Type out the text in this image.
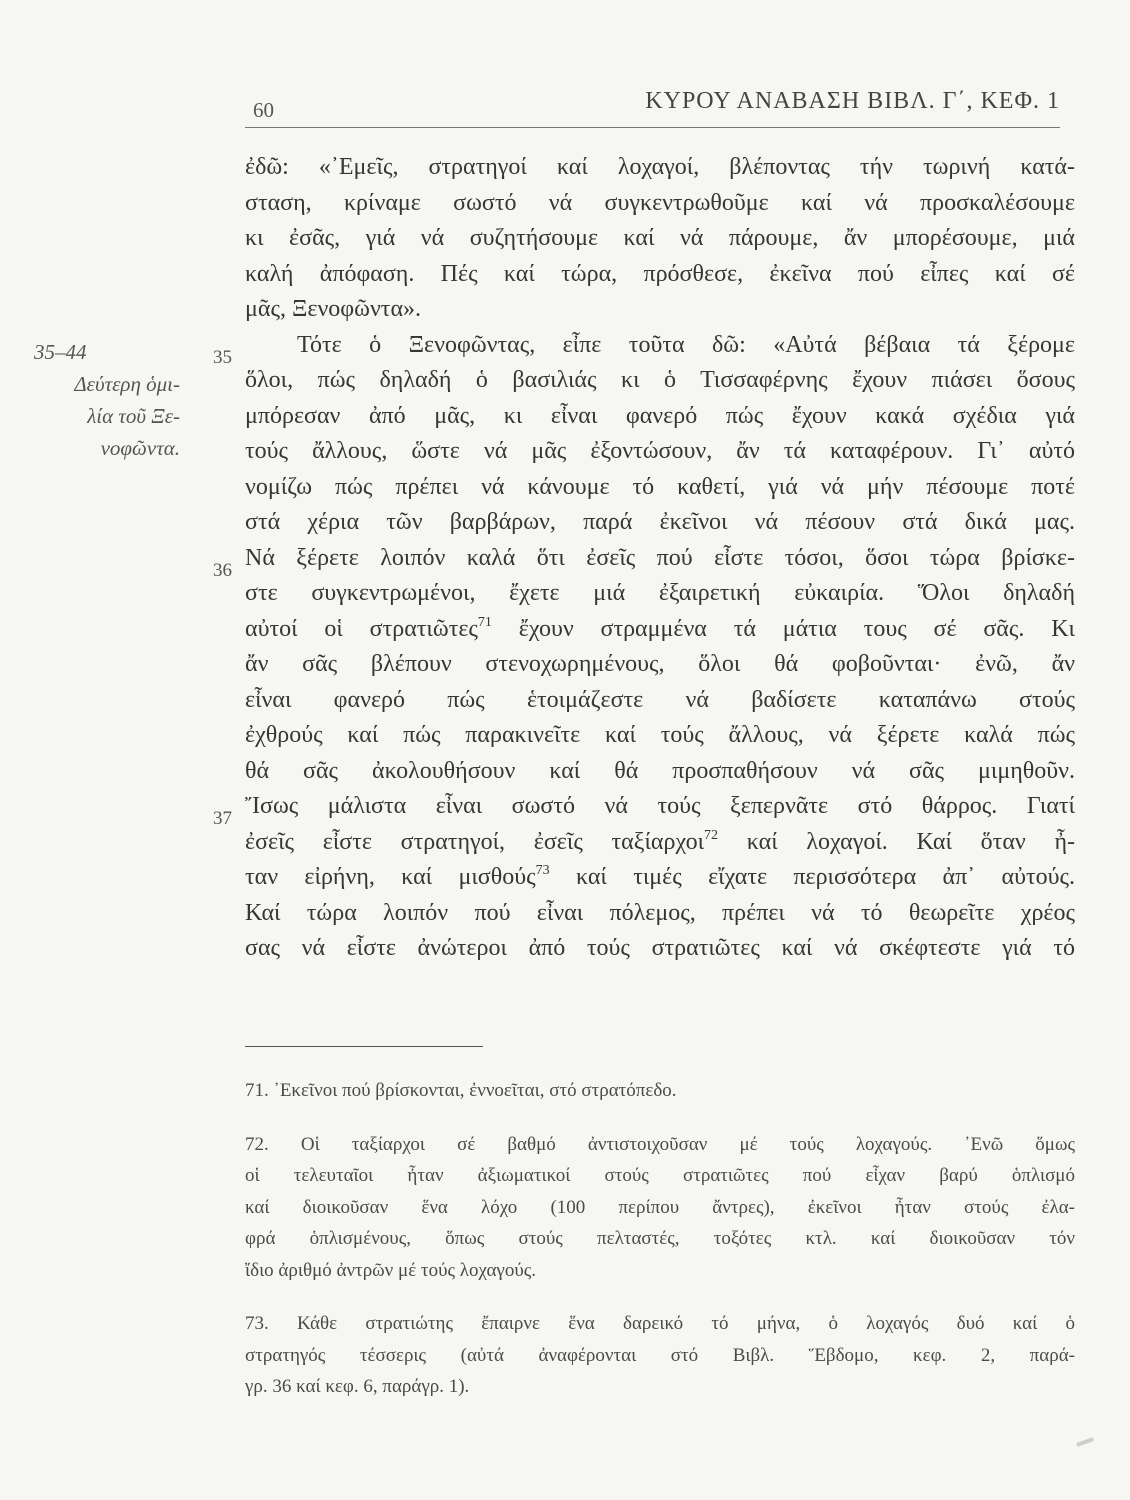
60	ΚΥΡΟΥ ΑΝΑΒΑΣΗ ΒΙΒΛ. Γ΄, ΚΕΦ. 1
35–44
Δεύτερη ὁμι-
λία τοῦ Ξε-
νοφῶντα.
ἐδῶ: «᾿Εμεῖς, στρατηγοί καί λοχαγοί, βλέποντας τήν τωρινή κατά-
σταση, κρίναμε σωστό νά συγκεντρωθοῦμε καί νά προσκαλέσουμε
κι ἐσᾶς, γιά νά συζητήσουμε καί νά πάρουμε, ἄν μπορέσουμε, μιά
καλή ἀπόφαση. Πές καί τώρα, πρόσθεσε, ἐκεῖνα πού εἶπες καί σέ
μᾶς, Ξενοφῶντα».
35	Τότε ὁ Ξενοφῶντας, εἶπε τοῦτα δῶ: «Αὐτά βέβαια τά ξέρομε
ὅλοι, πώς δηλαδή ὁ βασιλιάς κι ὁ Τισσαφέρνης ἔχουν πιάσει ὅσους
μπόρεσαν ἀπό μᾶς, κι εἶναι φανερό πώς ἔχουν κακά σχέδια γιά
τούς ἄλλους, ὥστε νά μᾶς ἐξοντώσουν, ἄν τά καταφέρουν. Γι᾿ αὐτό
νομίζω πώς πρέπει νά κάνουμε τό καθετί, γιά νά μήν πέσουμε ποτέ
στά χέρια τῶν βαρβάρων, παρά ἐκεῖνοι νά πέσουν στά δικά μας.
36 Νά ξέρετε λοιπόν καλά ὅτι ἐσεῖς πού εἶστε τόσοι, ὅσοι τώρα βρίσκε-
στε συγκεντρωμένοι, ἔχετε μιά ἐξαιρετική εὐκαιρία. Ὅλοι δηλαδή
αὐτοί οἱ στρατιῶτες$^{71}$ ἔχουν στραμμένα τά μάτια τους σέ σᾶς. Κι
ἄν σᾶς βλέπουν στενοχωρημένους, ὅλοι θά φοβοῦνται· ἐνῶ, ἄν
εἶναι φανερό πώς ἑτοιμάζεστε νά βαδίσετε καταπάνω στούς
ἐχθρούς καί πώς παρακινεῖτε καί τούς ἄλλους, νά ξέρετε καλά πώς
θά σᾶς ἀκολουθήσουν καί θά προσπαθήσουν νά σᾶς μιμηθοῦν.
37 Ἴσως μάλιστα εἶναι σωστό νά τούς ξεπερνᾶτε στό θάρρος. Γιατί
ἐσεῖς εἶστε στρατηγοί, ἐσεῖς ταξίαρχοι$^{72}$ καί λοχαγοί. Καί ὅταν ἦ-
ταν εἰρήνη, καί μισθούς$^{73}$ καί τιμές εἴχατε περισσότερα ἀπ᾿ αὐτούς.
Καί τώρα λοιπόν πού εἶναι πόλεμος, πρέπει νά τό θεωρεῖτε χρέος
σας νά εἶστε ἀνώτεροι ἀπό τούς στρατιῶτες καί νά σκέφτεστε γιά τό
71. ᾿Εκεῖνοι πού βρίσκονται, ἐννοεῖται, στό στρατόπεδο.
72. Οἱ ταξίαρχοι σέ βαθμό ἀντιστοιχοῦσαν μέ τούς λοχαγούς. ᾿Ενῶ ὅμως
οἱ τελευταῖοι ἦταν ἀξιωματικοί στούς στρατιῶτες πού εἶχαν βαρύ ὁπλισμό
καί διοικοῦσαν ἕνα λόχο (100 περίπου ἄντρες), ἐκεῖνοι ἦταν στούς ἐλα-
φρά ὁπλισμένους, ὅπως στούς πελταστές, τοξότες κτλ. καί διοικοῦσαν τόν
ἴδιο ἀριθμό ἀντρῶν μέ τούς λοχαγούς.
73. Κάθε στρατιώτης ἔπαιρνε ἕνα δαρεικό τό μήνα, ὁ λοχαγός δυό καί ὁ
στρατηγός τέσσερις (αὐτά ἀναφέρονται στό Βιβλ. Ἕβδομο, κεφ. 2, παρά-
γρ. 36 καί κεφ. 6, παράγρ. 1).
